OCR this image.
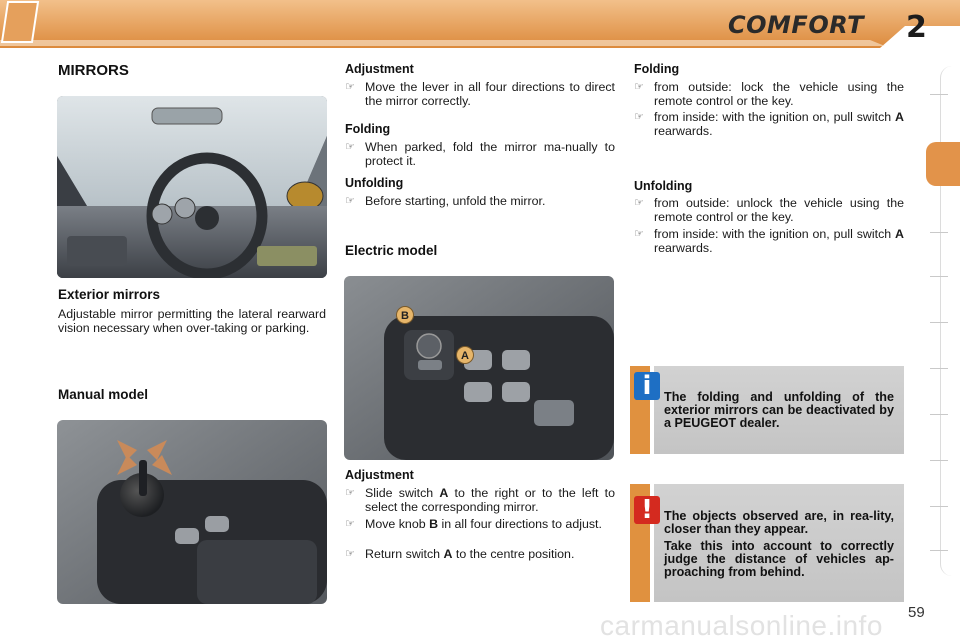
COMFORT 2
MIRRORS
Exterior mirrors
Adjustable mirror permitting the lateral rearward vision necessary when over-taking or parking.
Manual model
Adjustment
☞ Move the lever in all four directions to direct the mirror correctly.
Folding
☞ When parked, fold the mirror ma-nually to protect it.
Unfolding
☞ Before starting, unfold the mirror.
Electric model
B
A
Adjustment
☞ Slide switch A to the right or to the left to select the corresponding mirror.
☞ Move knob B in all four directions to adjust.
☞ Return switch A to the centre position.
Folding
☞ from outside: lock the vehicle using the remote control or the key.
☞ from inside: with the ignition on, pull switch A rearwards.
Unfolding
☞ from outside: unlock the vehicle using the remote control or the key.
☞ from inside: with the ignition on, pull switch A rearwards.
i The folding and unfolding of the exterior mirrors can be deactivated by a PEUGEOT dealer.
! The objects observed are, in rea-lity, closer than they appear.
Take this into account to correctly judge the distance of vehicles ap-proaching from behind.
carmanualsonline.info 59
